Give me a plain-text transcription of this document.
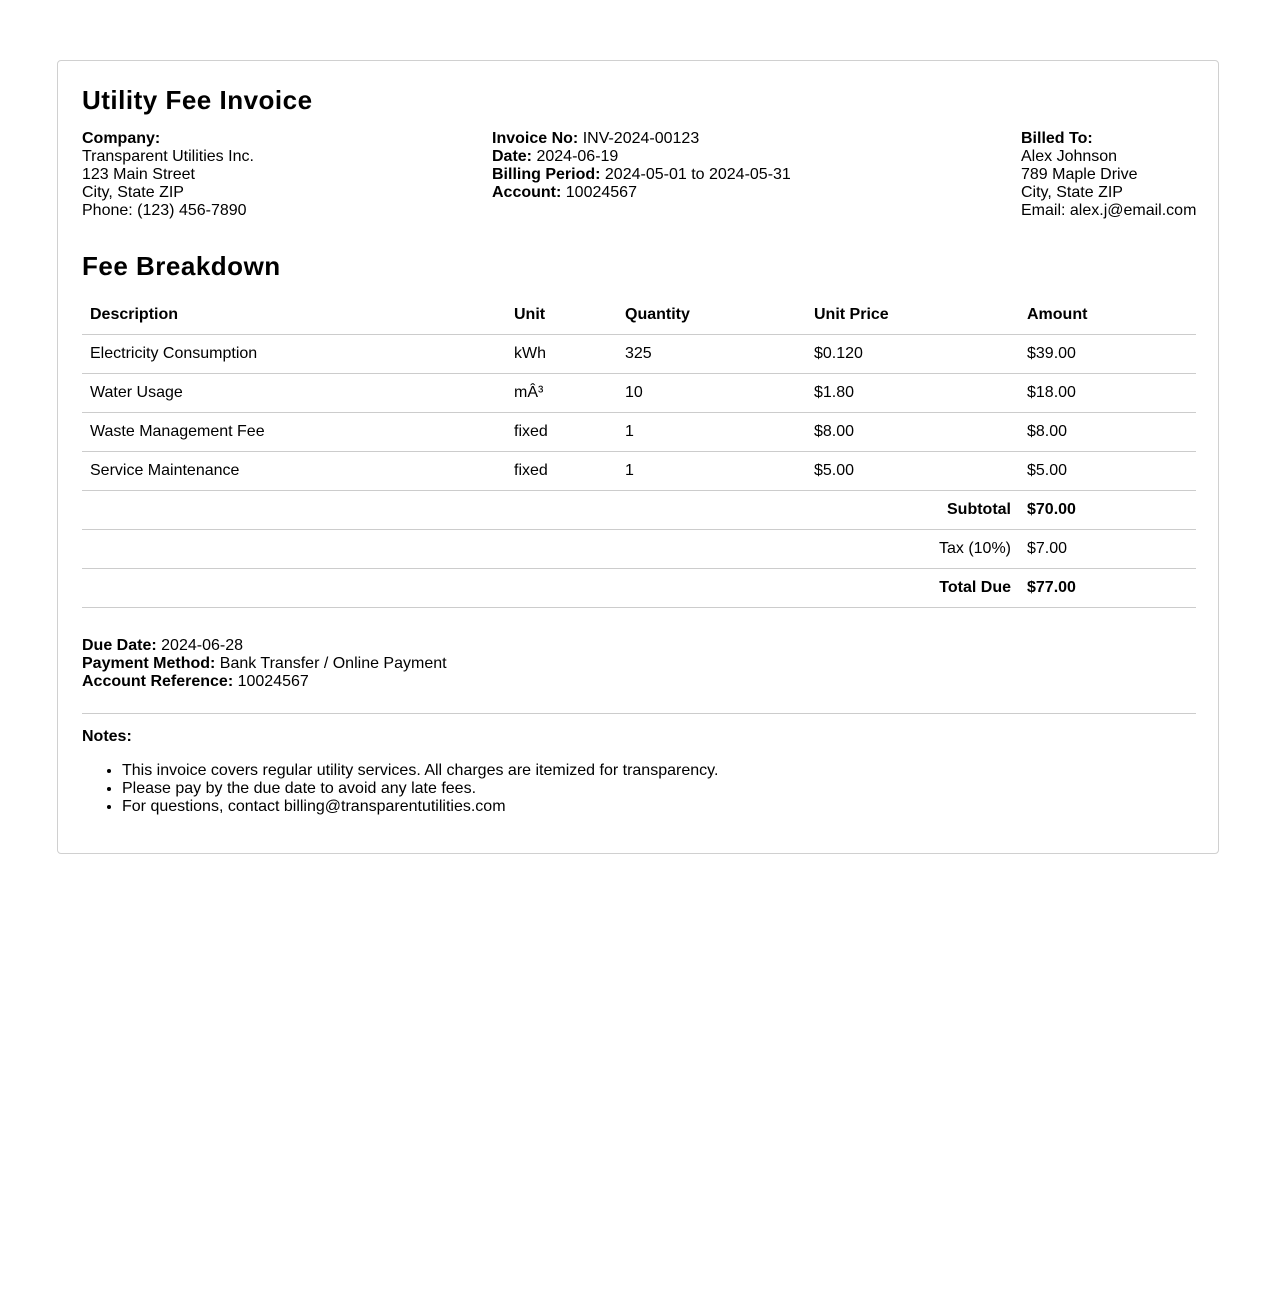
Utility Fee Invoice
Company:
Transparent Utilities Inc.
123 Main Street
City, State ZIP
Phone: (123) 456-7890
Invoice No: INV-2024-00123
Date: 2024-06-19
Billing Period: 2024-05-01 to 2024-05-31
Account: 10024567
Billed To:
Alex Johnson
789 Maple Drive
City, State ZIP
Email: alex.j@email.com
Fee Breakdown
Description	Unit	Quantity	Unit Price	Amount
Electricity Consumption	kWh	325	$0.120	$39.00
Water Usage	mÂ³	10	$1.80	$18.00
Waste Management Fee	fixed	1	$8.00	$8.00
Service Maintenance	fixed	1	$5.00	$5.00
Subtotal				$70.00
Tax (10%)				$7.00
Total Due				$77.00
Due Date: 2024-06-28
Payment Method: Bank Transfer / Online Payment
Account Reference: 10024567
Notes:
• This invoice covers regular utility services. All charges are itemized for transparency.
• Please pay by the due date to avoid any late fees.
• For questions, contact billing@transparentutilities.com
